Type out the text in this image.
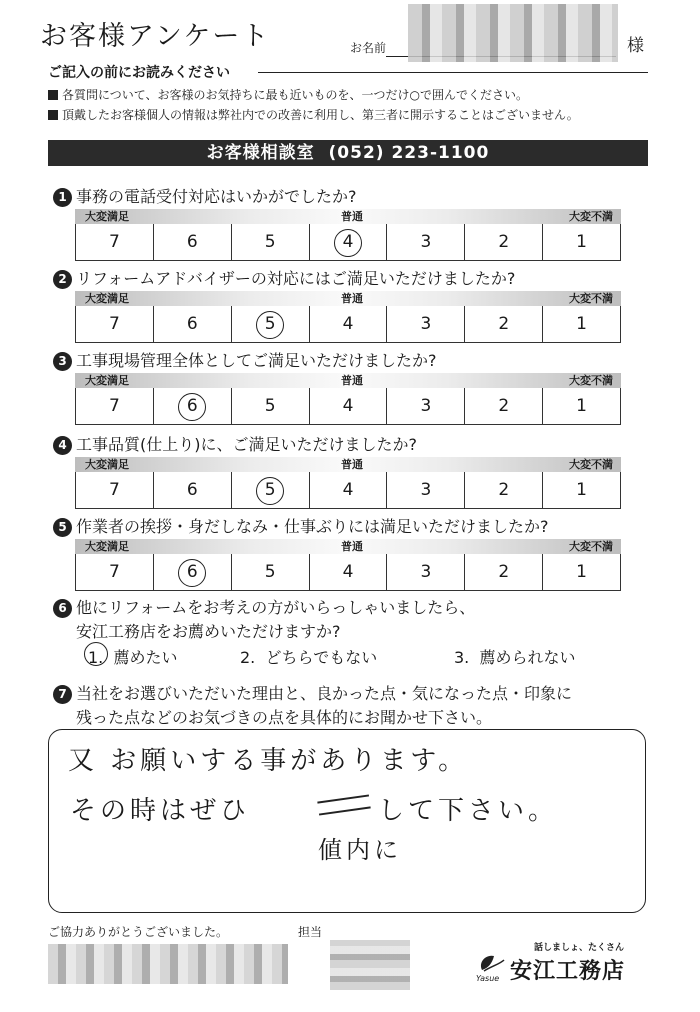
お客様アンケート	お名前	様
ご記入の前にお読みください
各質問について、お客様のお気持ちに最も近いものを、一つだけ○で囲んでください。
頂戴したお客様個人の情報は弊社内での改善に利用し、第三者に開示することはございません。
お客様相談室 (052) 223-1100
1 事務の電話受付対応はいかがでしたか?
大変満足	普通	大変不満
7	6	5	4	3	2	1
2 リフォームアドバイザーの対応にはご満足いただけましたか?
大変満足	普通	大変不満
7	6	5	4	3	2	1
3 工事現場管理全体としてご満足いただけましたか?
大変満足	普通	大変不満
7	6	5	4	3	2	1
4 工事品質(仕上り)に、ご満足いただけましたか?
大変満足	普通	大変不満
7	6	5	4	3	2	1
5 作業者の挨拶・身だしなみ・仕事ぶりには満足いただけましたか?
大変満足	普通	大変不満
7	6	5	4	3	2	1
6 他にリフォームをお考えの方がいらっしゃいましたら、
安江工務店をお薦めいただけますか?
1. 薦めたい	2. どちらでもない	3. 薦められない
7 当社をお選びいただいた理由と、良かった点・気になった点・印象に
残った点などのお気づきの点を具体的にお聞かせ下さい。
又 お願いする事があります。
その時はぜひ	して下さい。
値内に
ご協力ありがとうございました。	担当
Yasue
話しましょ、たくさん
安江工務店
